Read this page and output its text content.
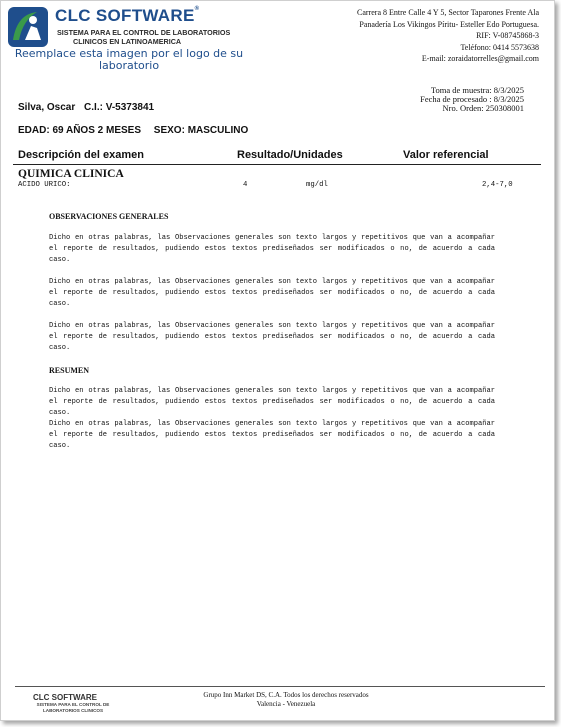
CLC SOFTWARE®
SISTEMA PARA EL CONTROL DE LABORATORIOS
CLINICOS EN LATINOAMERICA
Reemplace esta imagen por el logo de su laboratorio
Carrera 8 Entre Calle 4 Y 5, Sector Taparones Frente Ala
Panadería Los Vikingos Píritu- Esteller Edo Portuguesa.
RIF: V-08745868-3
Teléfono: 0414 5573638
E-mail: zoraidatorrelles@gmail.com
Toma de muestra: 8/3/2025
Fecha de procesado : 8/3/2025
Nro. Orden: 250308001
Silva, Oscar C.I.: V-5373841
EDAD: 69 AÑOS 2 MESES SEXO: MASCULINO
Descripción del examen	Resultado/Unidades	Valor referencial
QUIMICA CLINICA
ACIDO URICO:	4	mg/dl	2,4-7,0
OBSERVACIONES GENERALES
Dicho en otras palabras, las Observaciones generales son texto largos y repetitivos que van a acompañar el reporte de resultados, pudiendo estos textos prediseñados ser modificados o no, de acuerdo a cada caso.
Dicho en otras palabras, las Observaciones generales son texto largos y repetitivos que van a acompañar el reporte de resultados, pudiendo estos textos prediseñados ser modificados o no, de acuerdo a cada caso.
Dicho en otras palabras, las Observaciones generales son texto largos y repetitivos que van a acompañar el reporte de resultados, pudiendo estos textos prediseñados ser modificados o no, de acuerdo a cada caso.
RESUMEN
Dicho en otras palabras, las Observaciones generales son texto largos y repetitivos que van a acompañar el reporte de resultados, pudiendo estos textos prediseñados ser modificados o no, de acuerdo a cada caso.
Dicho en otras palabras, las Observaciones generales son texto largos y repetitivos que van a acompañar el reporte de resultados, pudiendo estos textos prediseñados ser modificados o no, de acuerdo a cada caso.
CLC SOFTWARE
SISTEMA PARA EL CONTROL DE LABORATORIOS CLINICOS
Grupo Inn Market DS, C.A. Todos los derechos reservados
Valencia - Venezuela
